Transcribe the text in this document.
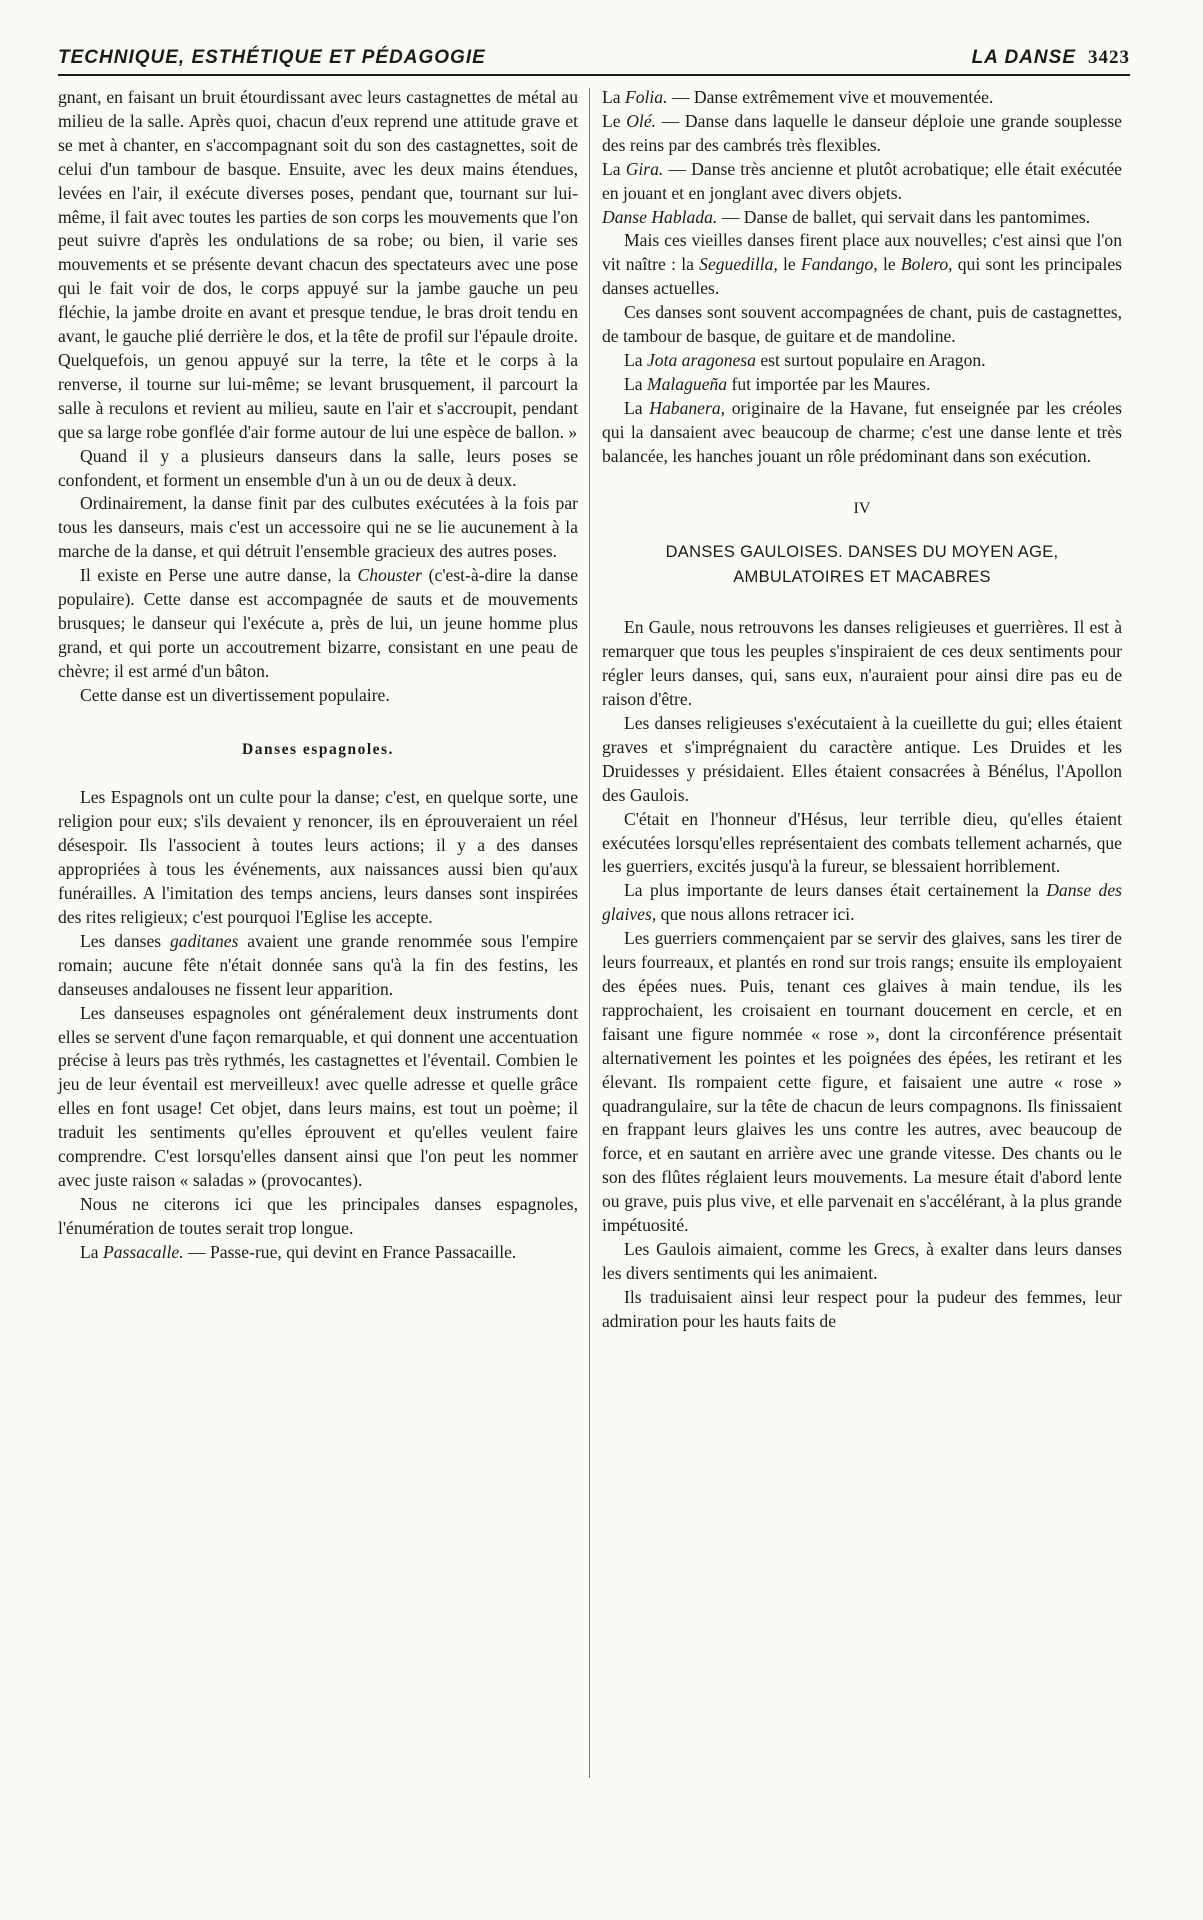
TECHNIQUE, ESTHÉTIQUE ET PÉDAGOGIE	LA DANSE 3423

gnant, en faisant un bruit étourdissant avec leurs castagnettes de métal au milieu de la salle. Après quoi, chacun d'eux reprend une attitude grave et se met à chanter, en s'accompagnant soit du son des castagnettes, soit de celui d'un tambour de basque. Ensuite, avec les deux mains étendues, levées en l'air, il exécute diverses poses, pendant que, tournant sur lui-même, il fait avec toutes les parties de son corps les mouvements que l'on peut suivre d'après les ondulations de sa robe; ou bien, il varie ses mouvements et se présente devant chacun des spectateurs avec une pose qui le fait voir de dos, le corps appuyé sur la jambe gauche un peu fléchie, la jambe droite en avant et presque tendue, le bras droit tendu en avant, le gauche plié derrière le dos, et la tête de profil sur l'épaule droite. Quelquefois, un genou appuyé sur la terre, la tête et le corps à la renverse, il tourne sur lui-même; se levant brusquement, il parcourt la salle à reculons et revient au milieu, saute en l'air et s'accroupit, pendant que sa large robe gonflée d'air forme autour de lui une espèce de ballon. »

Quand il y a plusieurs danseurs dans la salle, leurs poses se confondent, et forment un ensemble d'un à un ou de deux à deux.

Ordinairement, la danse finit par des culbutes exécutées à la fois par tous les danseurs, mais c'est un accessoire qui ne se lie aucunement à la marche de la danse, et qui détruit l'ensemble gracieux des autres poses.

Il existe en Perse une autre danse, la Chouster (c'est-à-dire la danse populaire). Cette danse est accompagnée de sauts et de mouvements brusques; le danseur qui l'exécute a, près de lui, un jeune homme plus grand, et qui porte un accoutrement bizarre, consistant en une peau de chèvre; il est armé d'un bâton.

Cette danse est un divertissement populaire.

Danses espagnoles.

Les Espagnols ont un culte pour la danse; c'est, en quelque sorte, une religion pour eux; s'ils devaient y renoncer, ils en éprouveraient un réel désespoir. Ils l'associent à toutes leurs actions; il y a des danses appropriées à tous les événements, aux naissances aussi bien qu'aux funérailles. A l'imitation des temps anciens, leurs danses sont inspirées des rites religieux; c'est pourquoi l'Eglise les accepte.

Les danses gaditanes avaient une grande renommée sous l'empire romain; aucune fête n'était donnée sans qu'à la fin des festins, les danseuses andalouses ne fissent leur apparition.

Les danseuses espagnoles ont généralement deux instruments dont elles se servent d'une façon remarquable, et qui donnent une accentuation précise à leurs pas très rythmés, les castagnettes et l'éventail. Combien le jeu de leur éventail est merveilleux! avec quelle adresse et quelle grâce elles en font usage! Cet objet, dans leurs mains, est tout un poème; il traduit les sentiments qu'elles éprouvent et qu'elles veulent faire comprendre. C'est lorsqu'elles dansent ainsi que l'on peut les nommer avec juste raison « saladas » (provocantes).

Nous ne citerons ici que les principales danses espagnoles, l'énumération de toutes serait trop longue.

La Passacalle. — Passe-rue, qui devint en France Passacaille.

La Folia. — Danse extrêmement vive et mouvementée.

Le Olé. — Danse dans laquelle le danseur déploie une grande souplesse des reins par des cambrés très flexibles.

La Gira. — Danse très ancienne et plutôt acrobatique; elle était exécutée en jouant et en jonglant avec divers objets.

Danse Hablada. — Danse de ballet, qui servait dans les pantomimes.

Mais ces vieilles danses firent place aux nouvelles; c'est ainsi que l'on vit naître : la Seguedilla, le Fandango, le Bolero, qui sont les principales danses actuelles.

Ces danses sont souvent accompagnées de chant, puis de castagnettes, de tambour de basque, de guitare et de mandoline.

La Jota aragonesa est surtout populaire en Aragon.

La Malagueña fut importée par les Maures.

La Habanera, originaire de la Havane, fut enseignée par les créoles qui la dansaient avec beaucoup de charme; c'est une danse lente et très balancée, les hanches jouant un rôle prédominant dans son exécution.

IV

DANSES GAULOISES. DANSES DU MOYEN AGE,
AMBULATOIRES ET MACABRES

En Gaule, nous retrouvons les danses religieuses et guerrières. Il est à remarquer que tous les peuples s'inspiraient de ces deux sentiments pour régler leurs danses, qui, sans eux, n'auraient pour ainsi dire pas eu de raison d'être.

Les danses religieuses s'exécutaient à la cueillette du gui; elles étaient graves et s'imprégnaient du caractère antique. Les Druides et les Druidesses y présidaient. Elles étaient consacrées à Bénélus, l'Apollon des Gaulois.

C'était en l'honneur d'Hésus, leur terrible dieu, qu'elles étaient exécutées lorsqu'elles représentaient des combats tellement acharnés, que les guerriers, excités jusqu'à la fureur, se blessaient horriblement.

La plus importante de leurs danses était certainement la Danse des glaives, que nous allons retracer ici.

Les guerriers commençaient par se servir des glaives, sans les tirer de leurs fourreaux, et plantés en rond sur trois rangs; ensuite ils employaient des épées nues. Puis, tenant ces glaives à main tendue, ils les rapprochaient, les croisaient en tournant doucement en cercle, et en faisant une figure nommée « rose », dont la circonférence présentait alternativement les pointes et les poignées des épées, les retirant et les élevant. Ils rompaient cette figure, et faisaient une autre « rose » quadrangulaire, sur la tête de chacun de leurs compagnons. Ils finissaient en frappant leurs glaives les uns contre les autres, avec beaucoup de force, et en sautant en arrière avec une grande vitesse. Des chants ou le son des flûtes réglaient leurs mouvements. La mesure était d'abord lente ou grave, puis plus vive, et elle parvenait en s'accélérant, à la plus grande impétuosité.

Les Gaulois aimaient, comme les Grecs, à exalter dans leurs danses les divers sentiments qui les animaient.

Ils traduisaient ainsi leur respect pour la pudeur des femmes, leur admiration pour les hauts faits de
